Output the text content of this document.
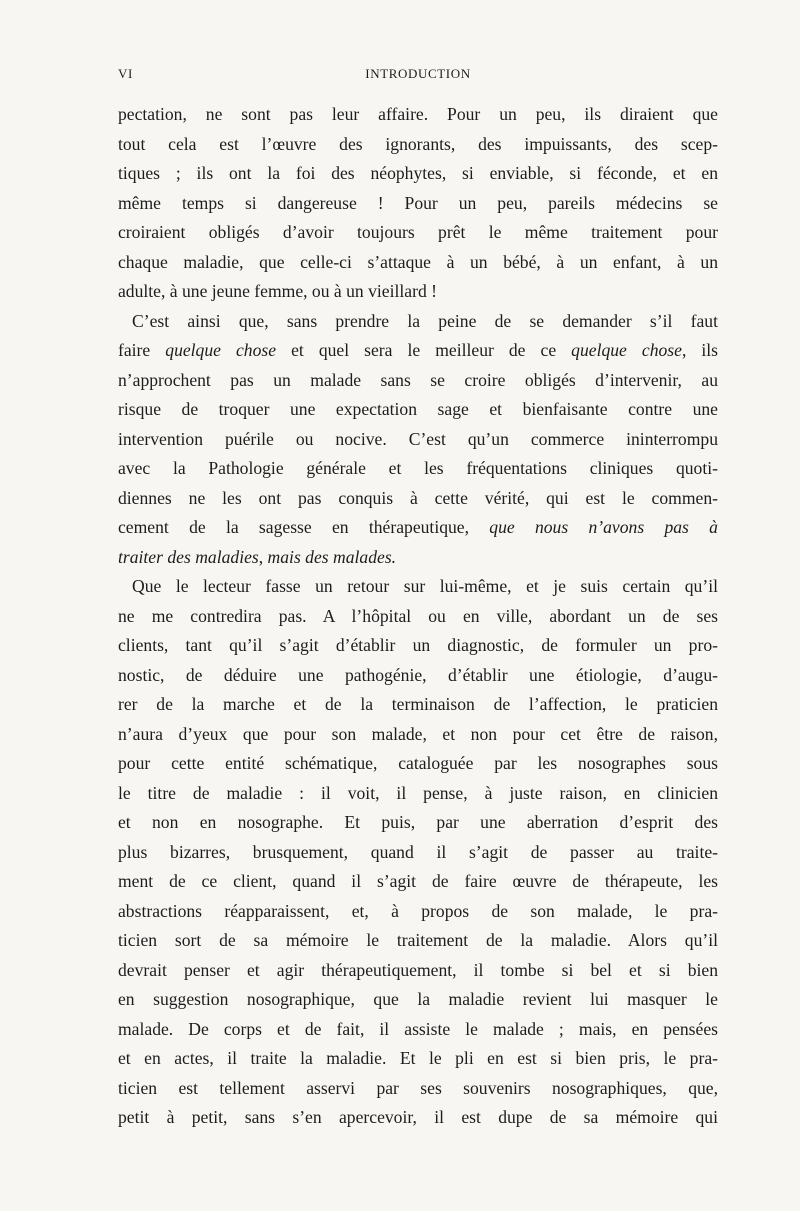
VI	INTRODUCTION
pectation, ne sont pas leur affaire. Pour un peu, ils diraient que
tout cela est l’œuvre des ignorants, des impuissants, des scep-
tiques ; ils ont la foi des néophytes, si enviable, si féconde, et en
même temps si dangereuse ! Pour un peu, pareils médecins se
croiraient obligés d’avoir toujours prêt le même traitement pour
chaque maladie, que celle-ci s’attaque à un bébé, à un enfant, à un
adulte, à une jeune femme, ou à un vieillard !
C’est ainsi que, sans prendre la peine de se demander s’il faut
faire quelque chose et quel sera le meilleur de ce quelque chose, ils
n’approchent pas un malade sans se croire obligés d’intervenir, au
risque de troquer une expectation sage et bienfaisante contre une
intervention puérile ou nocive. C’est qu’un commerce ininterrompu
avec la Pathologie générale et les fréquentations cliniques quoti-
diennes ne les ont pas conquis à cette vérité, qui est le commen-
cement de la sagesse en thérapeutique, que nous n’avons pas à
traiter des maladies, mais des malades.
Que le lecteur fasse un retour sur lui-même, et je suis certain qu’il
ne me contredira pas. A l’hôpital ou en ville, abordant un de ses
clients, tant qu’il s’agit d’établir un diagnostic, de formuler un pro-
nostic, de déduire une pathogénie, d’établir une étiologie, d’augu-
rer de la marche et de la terminaison de l’affection, le praticien
n’aura d’yeux que pour son malade, et non pour cet être de raison,
pour cette entité schématique, cataloguée par les nosographes sous
le titre de maladie : il voit, il pense, à juste raison, en clinicien
et non en nosographe. Et puis, par une aberration d’esprit des
plus bizarres, brusquement, quand il s’agit de passer au traite-
ment de ce client, quand il s’agit de faire œuvre de thérapeute, les
abstractions réapparaissent, et, à propos de son malade, le pra-
ticien sort de sa mémoire le traitement de la maladie. Alors qu’il
devrait penser et agir thérapeutiquement, il tombe si bel et si bien
en suggestion nosographique, que la maladie revient lui masquer le
malade. De corps et de fait, il assiste le malade ; mais, en pensées
et en actes, il traite la maladie. Et le pli en est si bien pris, le pra-
ticien est tellement asservi par ses souvenirs nosographiques, que,
petit à petit, sans s’en apercevoir, il est dupe de sa mémoire qui
